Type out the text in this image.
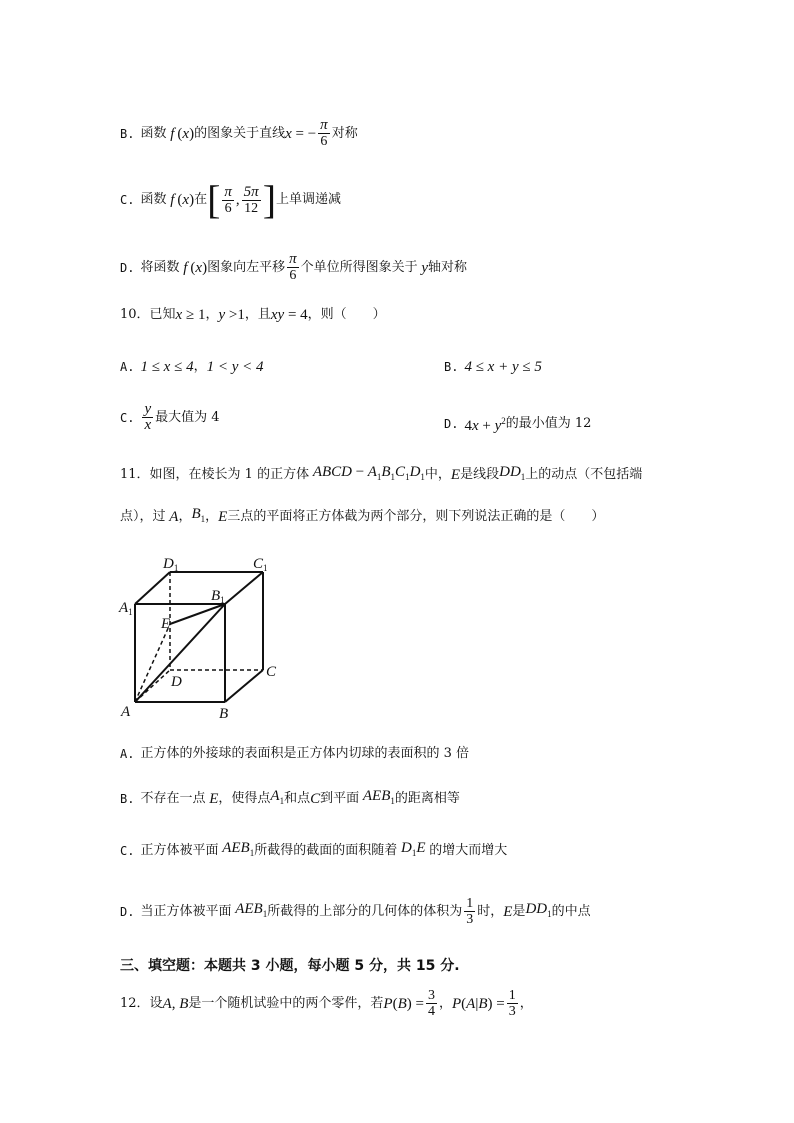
B. 函数 f (x) 的图象关于直线 x = − $\frac{\pi}{6}$ 对称
C. 函数 f (x) 在 [ $\frac{\pi}{6}$ , $\frac{5\pi}{12}$ ] 上单调递减
D. 将函数 f (x) 图象向左平移 $\frac{\pi}{6}$ 个单位所得图象关于 y 轴对称
10．已知 x ≥ 1 ， y >1 ，且 xy = 4 ，则（　　）
A. 1 ≤ x ≤ 4 ， 1 < y < 4	B. 4 ≤ x + y ≤ 5
C. $\frac{y}{x}$ 最大值为 4	D. $4x + y^2$ 的最小值为 12
11．如图，在棱长为 1 的正方体 ABCD − $A_1B_1C_1D_1$ 中， E 是线段 $DD_1$ 上的动点（不包括端
点），过 A ， $B_1$ ， E 三点的平面将正方体截为两个部分，则下列说法正确的是（　　）
$D_1$	$C_1$
$A_1$
$B_1$
E
D
C
A	B
A. 正方体的外接球的表面积是正方体内切球的表面积的 3 倍
B. 不存在一点 E ，使得点 $A_1$ 和点 C 到平面 $AEB_1$ 的距离相等
C. 正方体被平面 $AEB_1$ 所截得的截面的面积随着 $D_1E$ 的增大而增大
D. 当正方体被平面 $AEB_1$ 所截得的上部分的几何体的体积为 $\frac{1}{3}$ 时， E 是 $DD_1$ 的中点
三、填空题：本题共 3 小题，每小题 5 分，共 15 分.
12．设 A, B 是一个随机试验中的两个零件，若 $P(B) = \frac{3}{4}$ ， $P(A|B) = \frac{1}{3}$ ，
